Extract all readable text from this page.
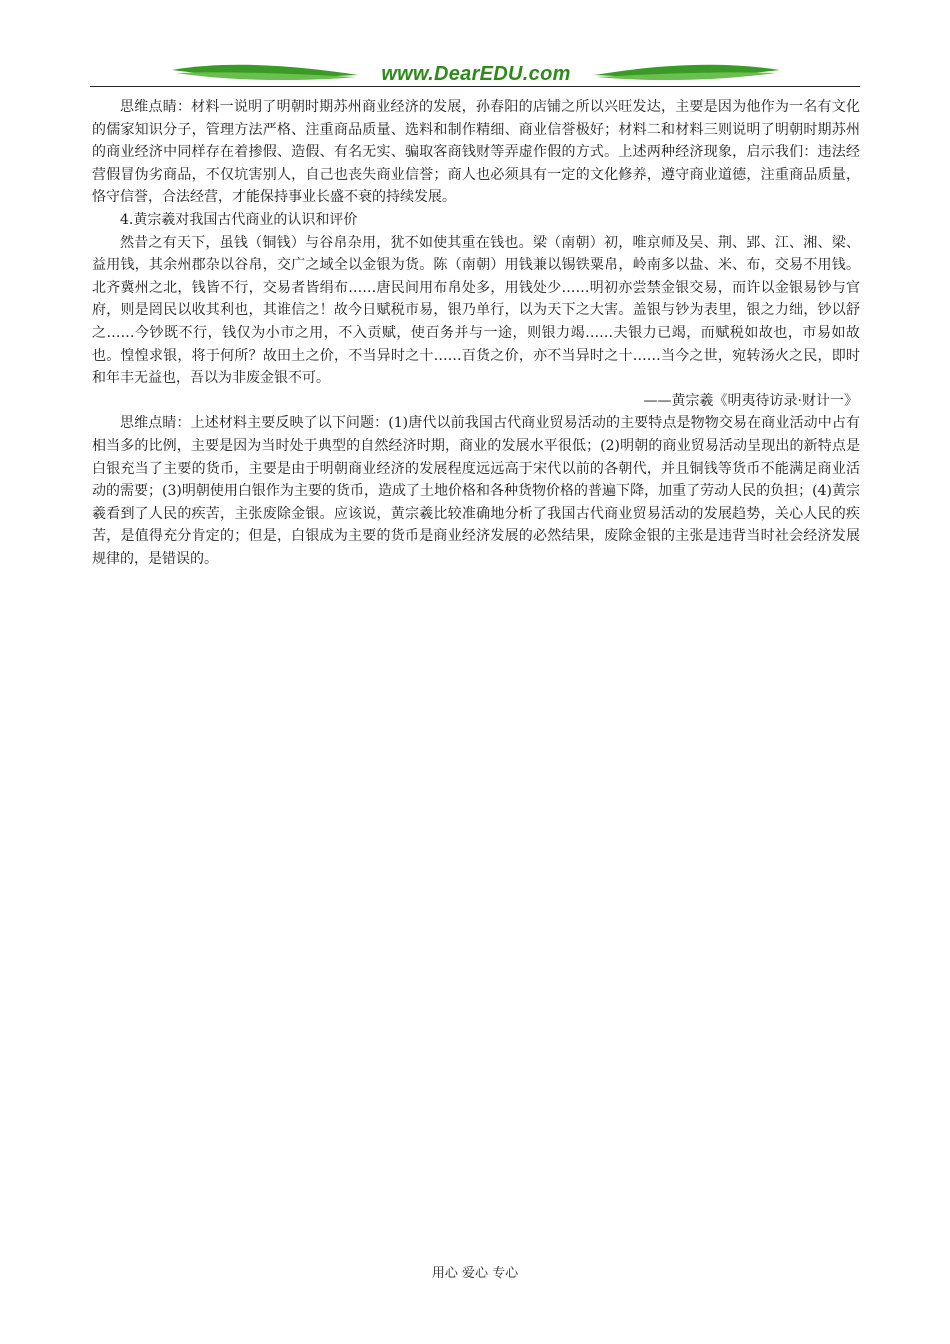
www.DearEDU.com

思维点睛：材料一说明了明朝时期苏州商业经济的发展，孙春阳的店铺之所以兴旺发达，主要是因为他作为一名有文化的儒家知识分子，管理方法严格、注重商品质量、选料和制作精细、商业信誉极好；材料二和材料三则说明了明朝时期苏州的商业经济中同样存在着掺假、造假、有名无实、骗取客商钱财等弄虚作假的方式。上述两种经济现象，启示我们：违法经营假冒伪劣商品，不仅坑害别人，自己也丧失商业信誉；商人也必须具有一定的文化修养，遵守商业道德，注重商品质量，恪守信誉，合法经营，才能保持事业长盛不衰的持续发展。

4.黄宗羲对我国古代商业的认识和评价

然昔之有天下，虽钱（铜钱）与谷帛杂用，犹不如使其重在钱也。梁（南朝）初，唯京师及吴、荆、郢、江、湘、梁、益用钱，其余州郡杂以谷帛，交广之域全以金银为货。陈（南朝）用钱兼以锡铁粟帛，岭南多以盐、米、布，交易不用钱。北齐冀州之北，钱皆不行，交易者皆绢布……唐民间用布帛处多，用钱处少……明初亦尝禁金银交易，而许以金银易钞与官府，则是罔民以收其利也，其谁信之！故今日赋税市易，银乃单行，以为天下之大害。盖银与钞为表里，银之力绌，钞以舒之……今钞既不行，钱仅为小市之用，不入贡赋，使百务并与一途，则银力竭……夫银力已竭，而赋税如故也，市易如故也。惶惶求银，将于何所？故田土之价，不当异时之十……百货之价，亦不当异时之十……当今之世，宛转汤火之民，即时和年丰无益也，吾以为非废金银不可。

——黄宗羲《明夷待访录·财计一》

思维点睛：上述材料主要反映了以下问题：(1)唐代以前我国古代商业贸易活动的主要特点是物物交易在商业活动中占有相当多的比例，主要是因为当时处于典型的自然经济时期，商业的发展水平很低；(2)明朝的商业贸易活动呈现出的新特点是白银充当了主要的货币，主要是由于明朝商业经济的发展程度远远高于宋代以前的各朝代，并且铜钱等货币不能满足商业活动的需要；(3)明朝使用白银作为主要的货币，造成了土地价格和各种货物价格的普遍下降，加重了劳动人民的负担；(4)黄宗羲看到了人民的疾苦，主张废除金银。应该说，黄宗羲比较准确地分析了我国古代商业贸易活动的发展趋势，关心人民的疾苦，是值得充分肯定的；但是，白银成为主要的货币是商业经济发展的必然结果，废除金银的主张是违背当时社会经济发展规律的，是错误的。

用心 爱心 专心
